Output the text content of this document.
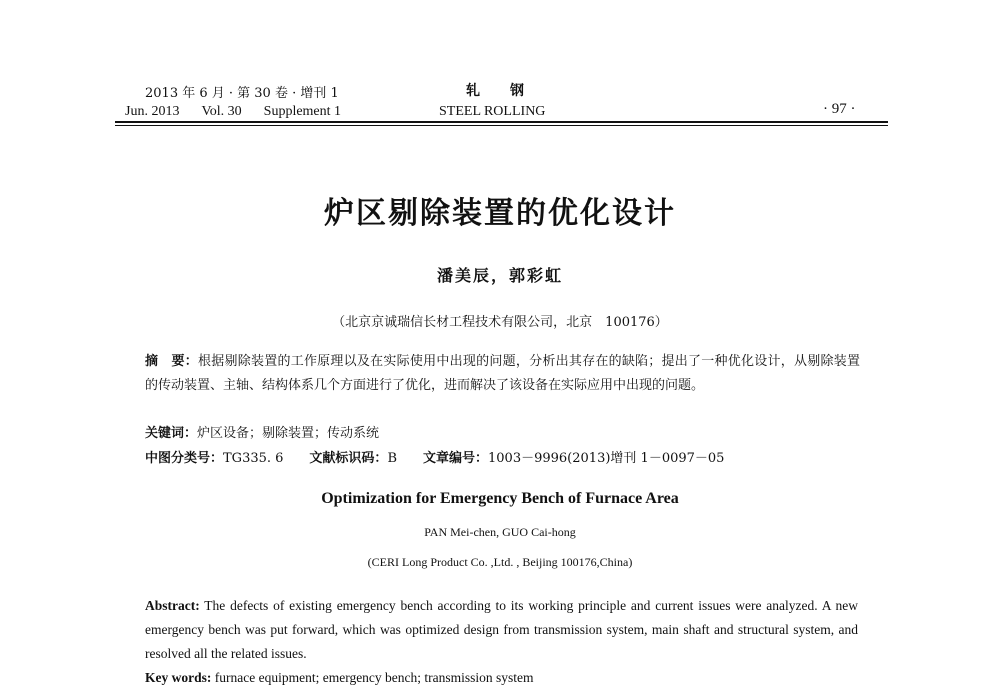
2013 年 6 月 · 第 30 卷 · 增刊 1	轧钢
Jun. 2013 Vol. 30 Supplement 1	STEEL ROLLING	· 97 ·
炉区剔除装置的优化设计
潘美辰，郭彩虹
（北京京诚瑞信长材工程技术有限公司，北京　100176）
摘　要：根据剔除装置的工作原理以及在实际使用中出现的问题，分析出其存在的缺陷；提出了一种优化设计，从剔除装置的传动装置、主轴、结构体系几个方面进行了优化，进而解决了该设备在实际应用中出现的问题。
关键词：炉区设备；剔除装置；传动系统
中图分类号：TG335. 6 文献标识码：B 文章编号：1003－9996(2013)增刊 1－0097－05
Optimization for Emergency Bench of Furnace Area
PAN Mei-chen, GUO Cai-hong
(CERI Long Product Co. ,Ltd. , Beijing 100176,China)
Abstract: The defects of existing emergency bench according to its working principle and current issues were analyzed. A new emergency bench was put forward, which was optimized design from transmission system, main shaft and structural system, and resolved all the related issues.
Key words: furnace equipment; emergency bench; transmission system
